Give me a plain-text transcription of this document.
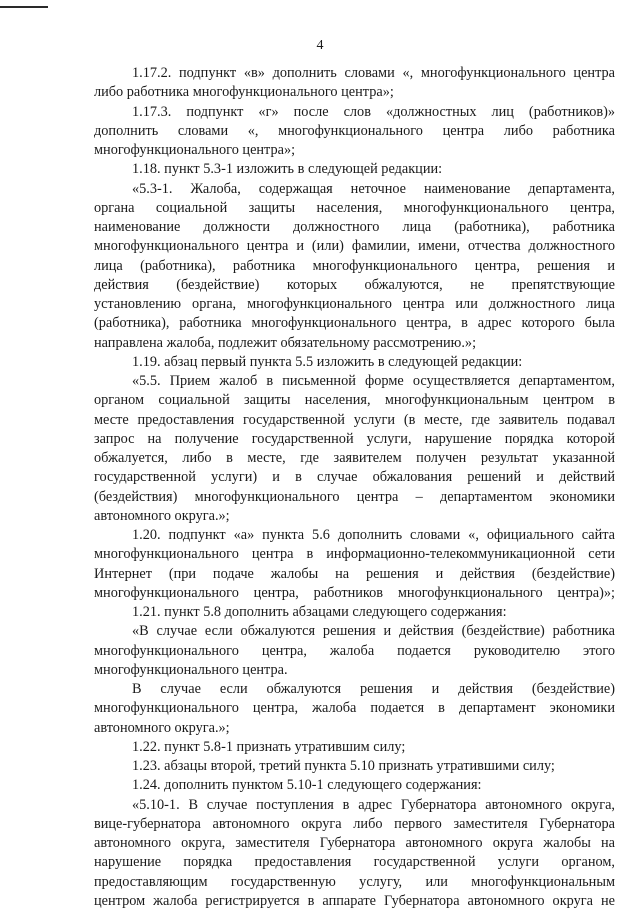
4
1.17.2. подпункт «в» дополнить словами «, многофункционального центра
либо работника многофункционального центра»;
1.17.3. подпункт «г» после слов «должностных лиц (работников)»
дополнить словами «, многофункционального центра либо работника
многофункционального центра»;
1.18. пункт 5.3-1 изложить в следующей редакции:
«5.3-1. Жалоба, содержащая неточное наименование департамента,
органа социальной защиты населения, многофункционального центра,
наименование должности должностного лица (работника), работника
многофункционального центра и (или) фамилии, имени, отчества должностного
лица (работника), работника многофункционального центра, решения и
действия (бездействие) которых обжалуются, не препятствующие
установлению органа, многофункционального центра или должностного лица
(работника), работника многофункционального центра, в адрес которого была
направлена жалоба, подлежит обязательному рассмотрению.»;
1.19. абзац первый пункта 5.5 изложить в следующей редакции:
«5.5. Прием жалоб в письменной форме осуществляется департаментом,
органом социальной защиты населения, многофункциональным центром в
месте предоставления государственной услуги (в месте, где заявитель подавал
запрос на получение государственной услуги, нарушение порядка которой
обжалуется, либо в месте, где заявителем получен результат указанной
государственной услуги) и в случае обжалования решений и действий
(бездействия) многофункционального центра – департаментом экономики
автономного округа.»;
1.20. подпункт «а» пункта 5.6 дополнить словами «, официального сайта
многофункционального центра в информационно-телекоммуникационной сети
Интернет (при подаче жалобы на решения и действия (бездействие)
многофункционального центра, работников многофункционального центра)»;
1.21. пункт 5.8 дополнить абзацами следующего содержания:
«В случае если обжалуются решения и действия (бездействие) работника
многофункционального центра, жалоба подается руководителю этого
многофункционального центра.
В случае если обжалуются решения и действия (бездействие)
многофункционального центра, жалоба подается в департамент экономики
автономного округа.»;
1.22. пункт 5.8-1 признать утратившим силу;
1.23. абзацы второй, третий пункта 5.10 признать утратившими силу;
1.24. дополнить пунктом 5.10-1 следующего содержания:
«5.10-1. В случае поступления в адрес Губернатора автономного округа,
вице-губернатора автономного округа либо первого заместителя Губернатора
автономного округа, заместителя Губернатора автономного округа жалобы на
нарушение порядка предоставления государственной услуги органом,
предоставляющим государственную услугу, или многофункциональным
центром жалоба регистрируется в аппарате Губернатора автономного округа не
